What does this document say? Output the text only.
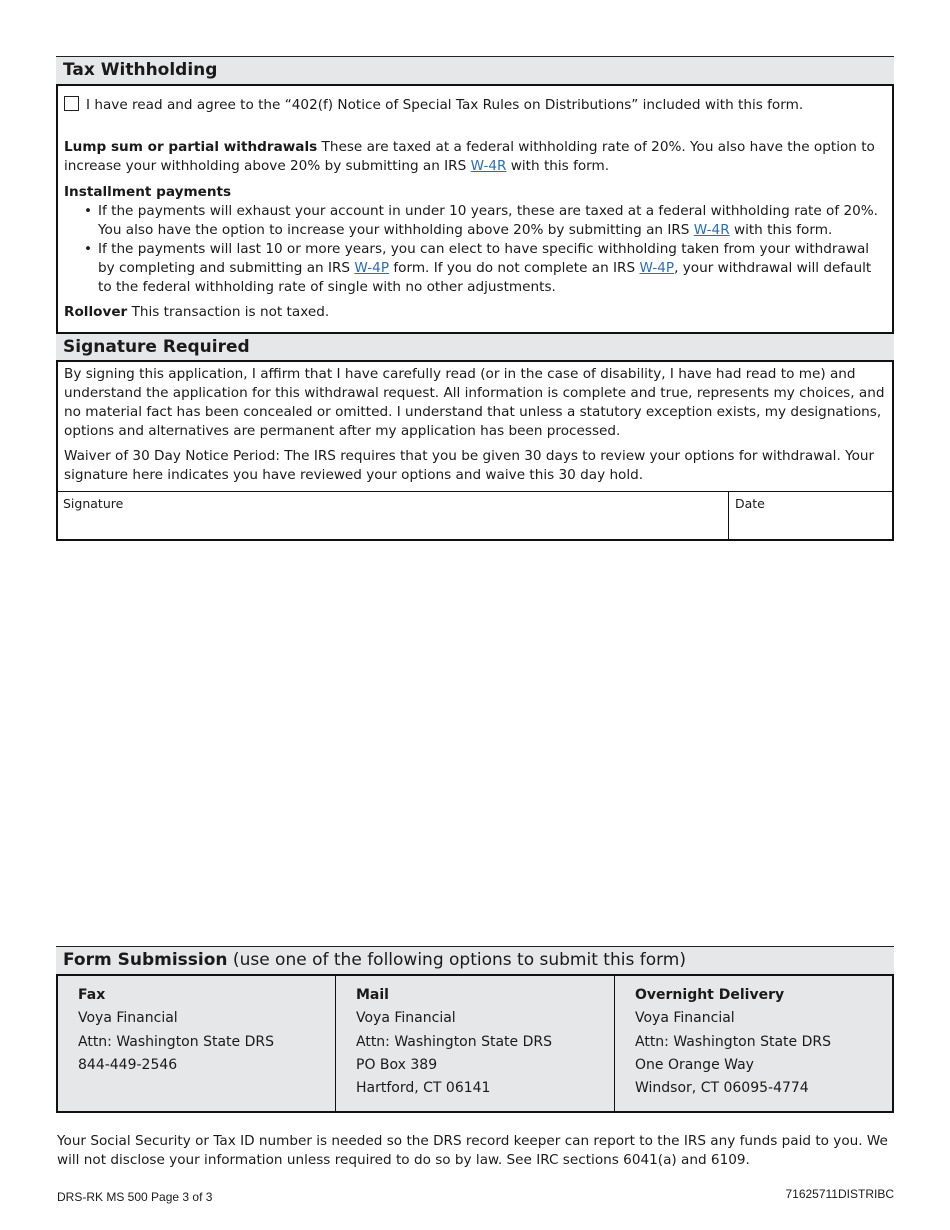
Tax Withholding

I have read and agree to the “402(f) Notice of Special Tax Rules on Distributions” included with this form.

Lump sum or partial withdrawals These are taxed at a federal withholding rate of 20%. You also have the option to increase your withholding above 20% by submitting an IRS W-4R with this form.

Installment payments

• If the payments will exhaust your account in under 10 years, these are taxed at a federal withholding rate of 20%. You also have the option to increase your withholding above 20% by submitting an IRS W-4R with this form.
• If the payments will last 10 or more years, you can elect to have specific withholding taken from your withdrawal by completing and submitting an IRS W-4P form. If you do not complete an IRS W-4P, your withdrawal will default to the federal withholding rate of single with no other adjustments.

Rollover This transaction is not taxed.

Signature Required

By signing this application, I affirm that I have carefully read (or in the case of disability, I have had read to me) and understand the application for this withdrawal request. All information is complete and true, represents my choices, and no material fact has been concealed or omitted. I understand that unless a statutory exception exists, my designations, options and alternatives are permanent after my application has been processed.

Waiver of 30 Day Notice Period: The IRS requires that you be given 30 days to review your options for withdrawal. Your signature here indicates you have reviewed your options and waive this 30 day hold.

Signature	Date
Form Submission (use one of the following options to submit this form)
Fax
Voya Financial
Attn: Washington State DRS
844-449-2546
Mail
Voya Financial
Attn: Washington State DRS
PO Box 389
Hartford, CT 06141
Overnight Delivery
Voya Financial
Attn: Washington State DRS
One Orange Way
Windsor, CT 06095-4774
Your Social Security or Tax ID number is needed so the DRS record keeper can report to the IRS any funds paid to you. We will not disclose your information unless required to do so by law. See IRC sections 6041(a) and 6109.
DRS-RK MS 500 Page 3 of 3	71625711DISTRIBC
